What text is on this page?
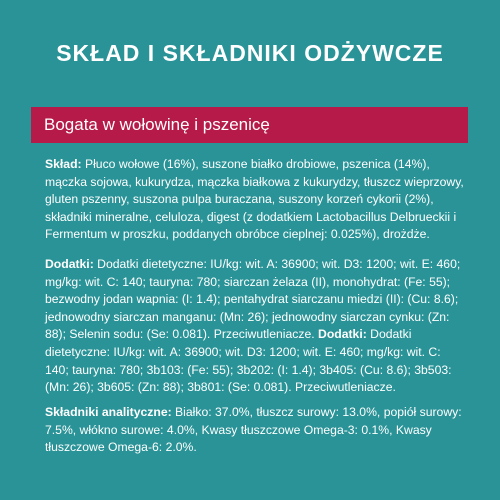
SKŁAD I SKŁADNIKI ODŻYWCZE
Bogata w wołowinę i pszenicę
Skład: Płuco wołowe (16%), suszone białko drobiowe, pszenica (14%), mączka sojowa, kukurydza, mączka białkowa z kukurydzy, tłuszcz wieprzowy, gluten pszenny, suszona pulpa buraczana, suszony korzeń cykorii (2%), składniki mineralne, celuloza, digest (z dodatkiem Lactobacillus Delbrueckii i Fermentum w proszku, poddanych obróbce cieplnej: 0.025%), drożdże.
Dodatki: Dodatki dietetyczne: IU/kg: wit. A: 36900; wit. D3: 1200; wit. E: 460; mg/kg: wit. C: 140; tauryna: 780; siarczan żelaza (II), monohydrat: (Fe: 55); bezwodny jodan wapnia: (I: 1.4); pentahydrat siarczanu miedzi (II): (Cu: 8.6); jednowodny siarczan manganu: (Mn: 26); jednowodny siarczan cynku: (Zn: 88); Selenin sodu: (Se: 0.081). Przeciwutleniacze. Dodatki: Dodatki dietetyczne: IU/kg: wit. A: 36900; wit. D3: 1200; wit. E: 460; mg/kg: wit. C: 140; tauryna: 780; 3b103: (Fe: 55); 3b202: (I: 1.4); 3b405: (Cu: 8.6); 3b503: (Mn: 26); 3b605: (Zn: 88); 3b801: (Se: 0.081). Przeciwutleniacze.
Składniki analityczne: Białko: 37.0%, tłuszcz surowy: 13.0%, popiół surowy: 7.5%, włókno surowe: 4.0%, Kwasy tłuszczowe Omega-3: 0.1%, Kwasy tłuszczowe Omega-6: 2.0%.
